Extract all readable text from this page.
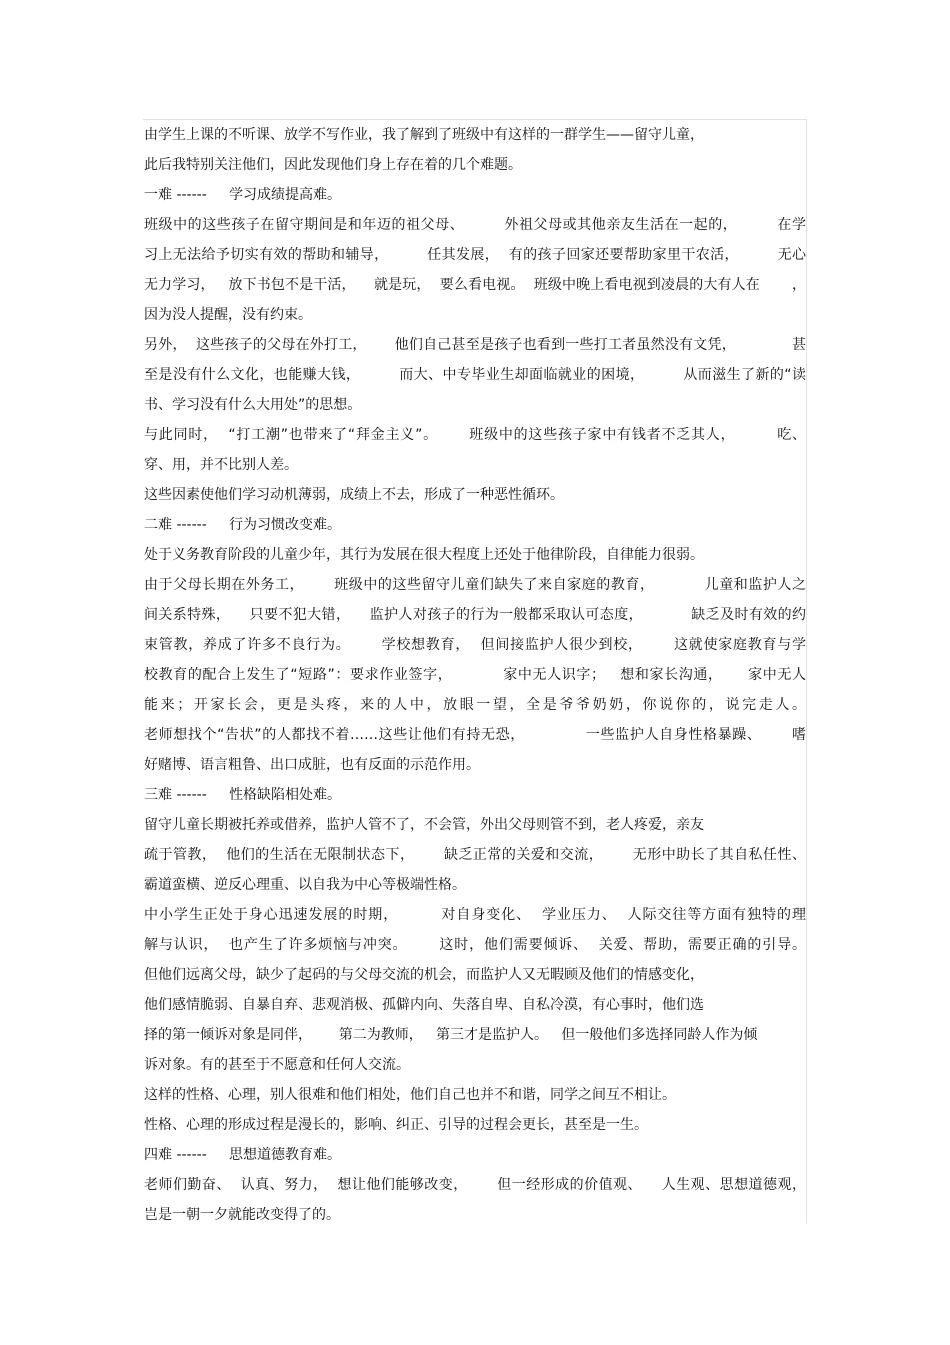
由学生上课的不听课、放学不写作业，我了解到了班级中有这样的一群学生——留守儿童，
此后我特别关注他们，因此发现他们身上存在着的几个难题。
一难 ------     学习成绩提高难。
班级中的这些孩子在留守期间是和年迈的祖父母、        外祖父母或其他亲友生活在一起的，        在学
习上无法给予切实有效的帮助和辅导，        任其发展，  有的孩子回家还要帮助家里干农活，        无心
无力学习，   放下书包不是干活，    就是玩，  要么看电视。  班级中晚上看电视到凌晨的大有人在       ，
因为没人提醒，没有约束。
另外，  这些孩子的父母在外打工，      他们自己甚至是孩子也看到一些打工者虽然没有文凭，            甚
至是没有什么文化，也能赚大钱，        而大、中专毕业生却面临就业的困境，        从而滋生了新的“读
书、学习没有什么大用处”的思想。
与此同时，  “打工潮”也带来了“拜金主义”。      班级中的这些孩子家中有钱者不乏其人，        吃、
穿、用，并不比别人差。
这些因素使他们学习动机薄弱，成绩上不去，形成了一种恶性循环。
二难 ------     行为习惯改变难。
处于义务教育阶段的儿童少年，其行为发展在很大程度上还处于他律阶段，自律能力很弱。
由于父母长期在外务工，      班级中的这些留守儿童们缺失了来自家庭的教育，          儿童和监护人之
间关系特殊，    只要不犯大错，    监护人对孩子的行为一般都采取认可态度，          缺乏及时有效的约
束管教，养成了许多不良行为。      学校想教育，  但间接监护人很少到校，      这就使家庭教育与学
校教育的配合上发生了“短路”：要求作业签字，          家中无人识字；   想和家长沟通，     家中无人
能来；开家长会，更是头疼，来的人中，放眼一望，全是爷爷奶奶，你说你的，说完走人。
老师想找个“告状”的人都找不着……这些让他们有持无恐，            一些监护人自身性格暴躁、      嗜
好赌博、语言粗鲁、出口成脏，也有反面的示范作用。
三难 ------     性格缺陷相处难。
留守儿童长期被托养或借养，监护人管不了，不会管，外出父母则管不到，老人疼爱，亲友
疏于管教，  他们的生活在无限制状态下，      缺乏正常的关爱和交流，      无形中助长了其自私任性、
霸道蛮横、逆反心理重、以自我为中心等极端性格。
中小学生正处于身心迅速发展的时期，        对自身变化、  学业压力、  人际交往等方面有独特的理
解与认识，  也产生了许多烦恼与冲突。      这时，他们需要倾诉、  关爱、帮助，需要正确的引导。
但他们远离父母，缺少了起码的与父母交流的机会，而监护人又无暇顾及他们的情感变化，
他们感情脆弱、自暴自弃、悲观消极、孤僻内向、失落自卑、自私冷漠，有心事时，他们选
择的第一倾诉对象是同伴，      第二为教师，   第三才是监护人。   但一般他们多选择同龄人作为倾
诉对象。有的甚至于不愿意和任何人交流。
这样的性格、心理，别人很难和他们相处，他们自己也并不和谐，同学之间互不相让。
性格、心理的形成过程是漫长的，影响、纠正、引导的过程会更长，甚至是一生。
四难 ------     思想道德教育难。
老师们勤奋、  认真、努力，  想让他们能够改变，      但一经形成的价值观、    人生观、思想道德观，
岂是一朝一夕就能改变得了的。
